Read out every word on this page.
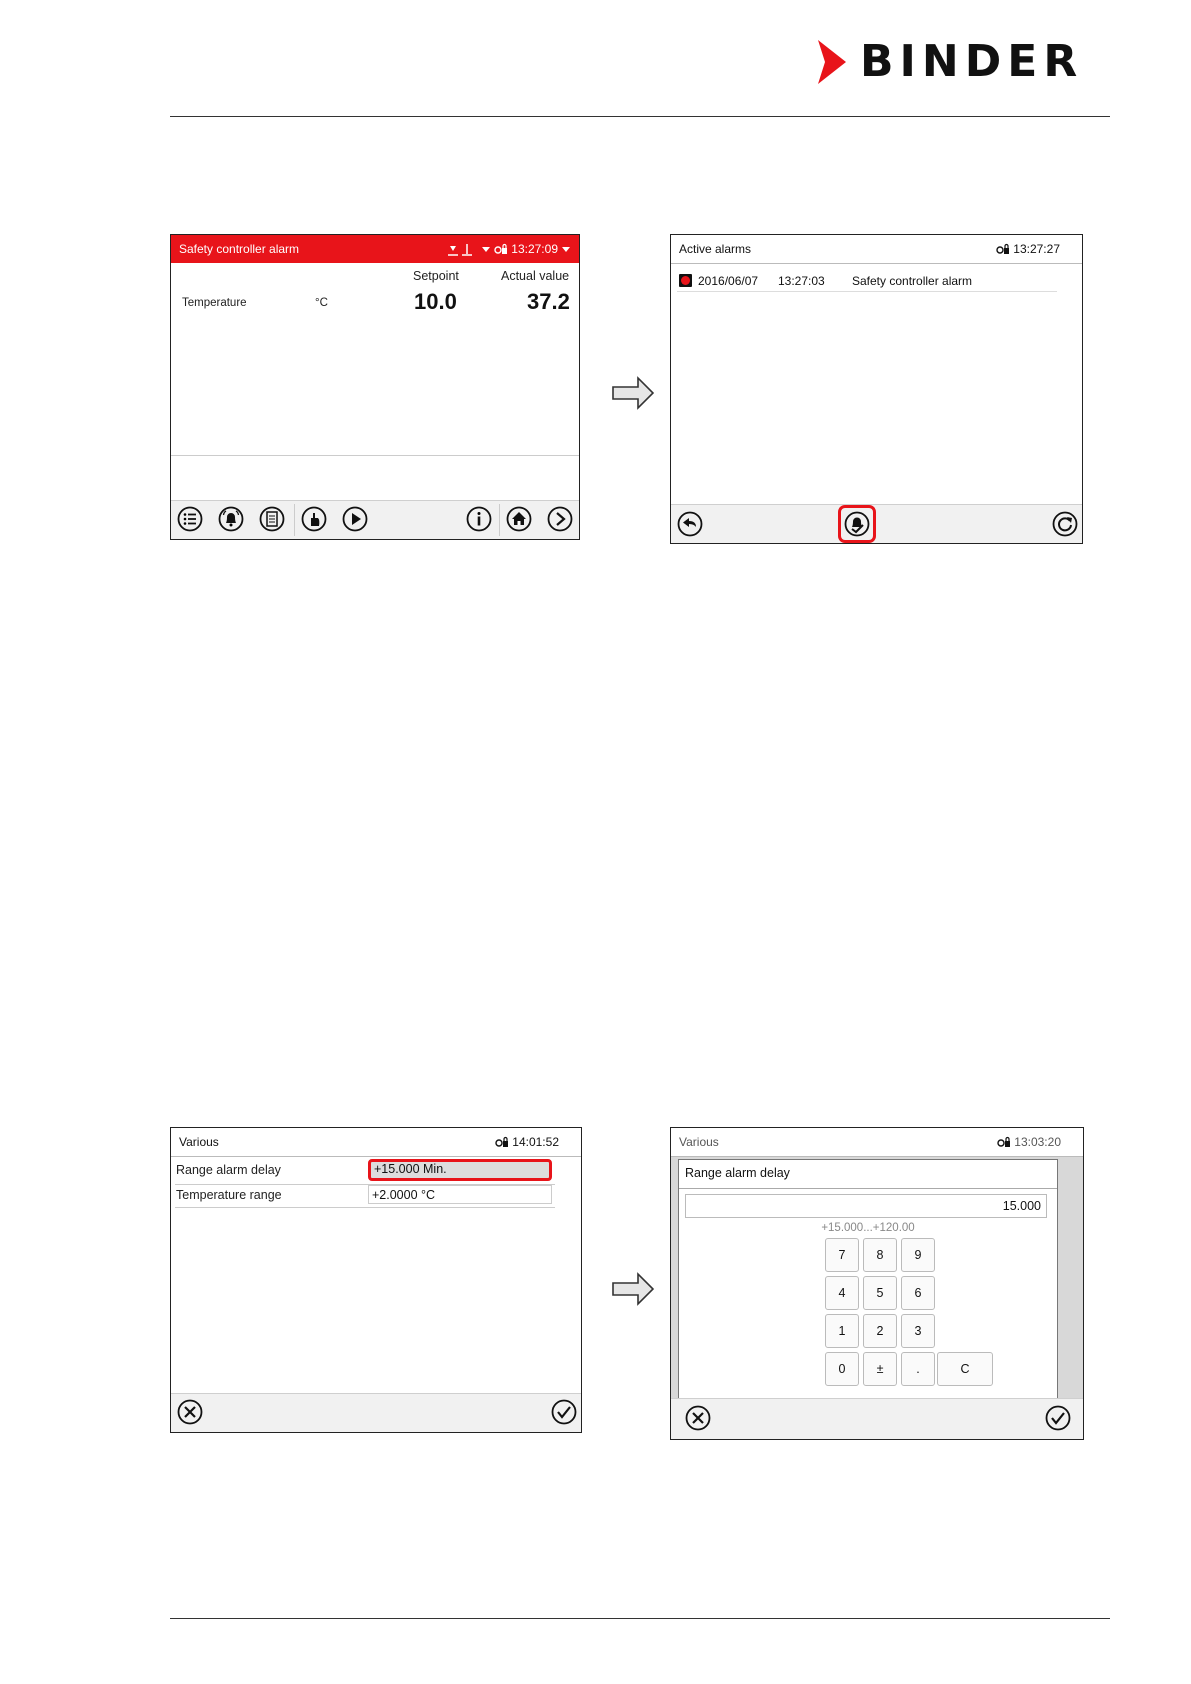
BINDER
Safety controller alarm	13:27:09
Setpoint	Actual value
Temperature	°C	10.0	37.2
Active alarms	13:27:27
2016/06/07 13:27:03 Safety controller alarm
Various	14:01:52
Range alarm delay	+15.000 Min.
Temperature range	+2.0000 °C
Various	13:03:20
Range alarm delay
15.000
+15.000...+120.00
7	8	9
4	5	6
1	2	3
0	±	.	C
